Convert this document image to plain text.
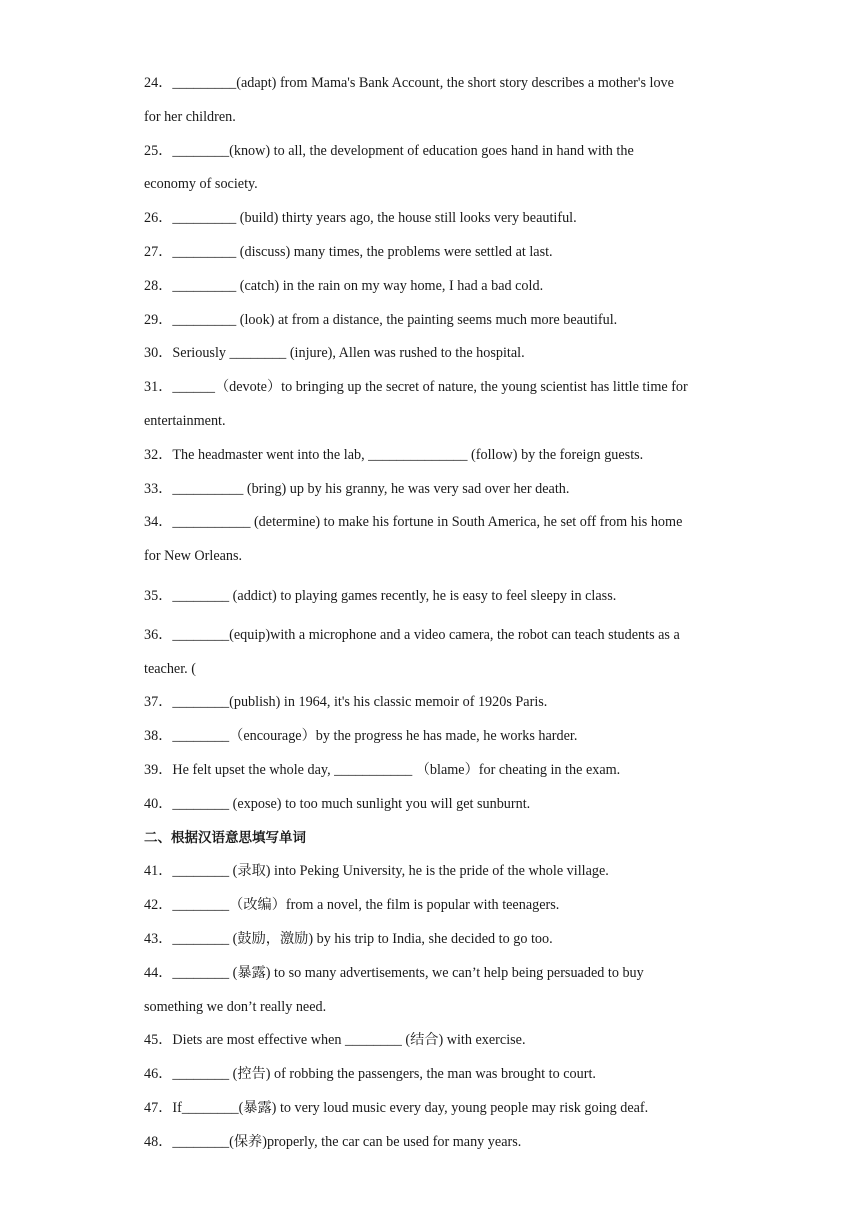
24．_________(adapt) from Mama's Bank Account, the short story describes a mother's love
for her children.
25．________(know) to all, the development of education goes hand in hand with the
economy of society.
26．_________ (build) thirty years ago, the house still looks very beautiful.
27．_________ (discuss) many times, the problems were settled at last.
28．_________ (catch) in the rain on my way home, I had a bad cold.
29．_________ (look) at from a distance, the painting seems much more beautiful.
30．Seriously ________ (injure), Allen was rushed to the hospital.
31．______（devote）to bringing up the secret of nature, the young scientist has little time for
entertainment.
32．The headmaster went into the lab, ______________ (follow) by the foreign guests.
33．__________ (bring) up by his granny, he was very sad over her death.
34．___________ (determine) to make his fortune in South America, he set off from his home
for New Orleans.
35．________ (addict) to playing games recently, he is easy to feel sleepy in class.
36．________(equip)with a microphone and a video camera, the robot can teach students as a
teacher. (
37．________(publish) in 1964, it's his classic memoir of 1920s Paris.
38．________（encourage）by the progress he has made, he works harder.
39．He felt upset the whole day, ___________ （blame）for cheating in the exam.
40．________ (expose) to too much sunlight you will get sunburnt.
二、根据汉语意思填写单词
41．________ (录取) into Peking University, he is the pride of the whole village.
42．________（改编）from a novel, the film is popular with teenagers.
43．________ (鼓励，激励) by his trip to India, she decided to go too.
44．________ (暴露) to so many advertisements, we can’t help being persuaded to buy
something we don’t really need.
45．Diets are most effective when ________ (结合) with exercise.
46．________ (控告) of robbing the passengers, the man was brought to court.
47．If________(暴露) to very loud music every day, young people may risk going deaf.
48．________(保养)properly, the car can be used for many years.
